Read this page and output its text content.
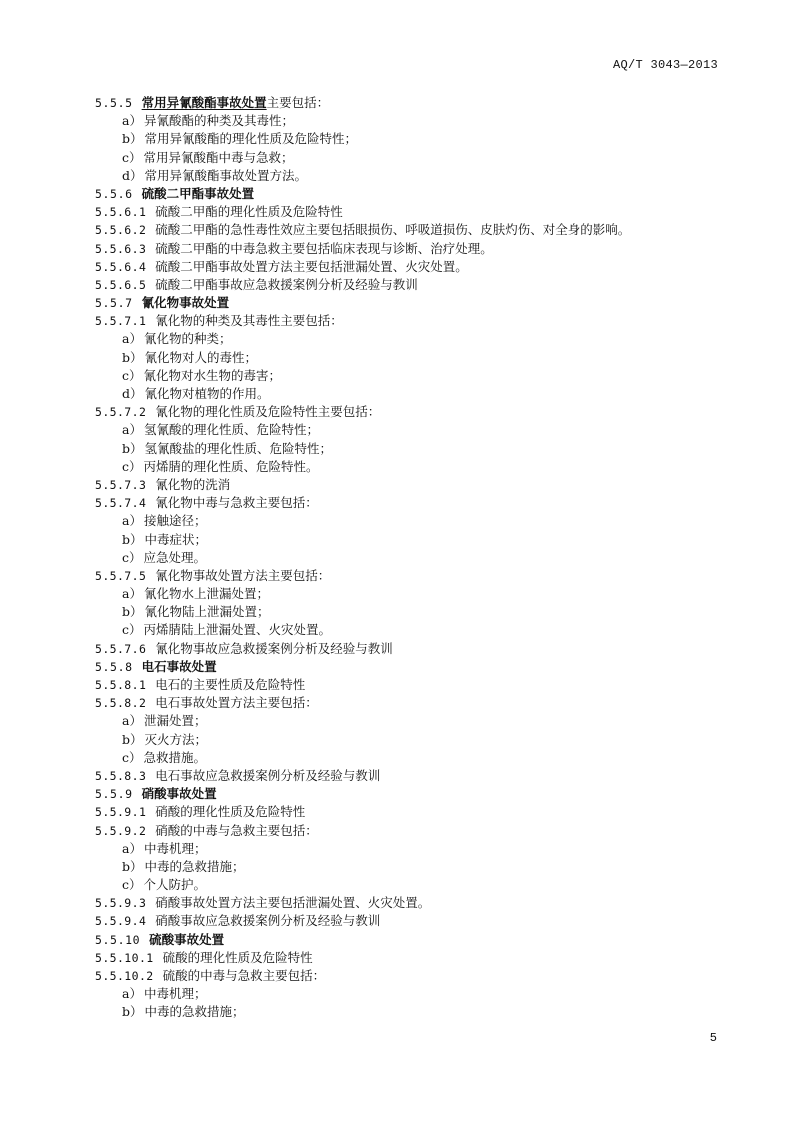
AQ/T 3043—2013
5.5.5 常用异氰酸酯事故处置主要包括：
a） 异氰酸酯的种类及其毒性；
b） 常用异氰酸酯的理化性质及危险特性；
c） 常用异氰酸酯中毒与急救；
d） 常用异氰酸酯事故处置方法。
5.5.6 硫酸二甲酯事故处置
5.5.6.1 硫酸二甲酯的理化性质及危险特性
5.5.6.2 硫酸二甲酯的急性毒性效应主要包括眼损伤、呼吸道损伤、皮肤灼伤、对全身的影响。
5.5.6.3 硫酸二甲酯的中毒急救主要包括临床表现与诊断、治疗处理。
5.5.6.4 硫酸二甲酯事故处置方法主要包括泄漏处置、火灾处置。
5.5.6.5 硫酸二甲酯事故应急救援案例分析及经验与教训
5.5.7 氰化物事故处置
5.5.7.1 氰化物的种类及其毒性主要包括：
a） 氰化物的种类；
b） 氰化物对人的毒性；
c） 氰化物对水生物的毒害；
d） 氰化物对植物的作用。
5.5.7.2 氰化物的理化性质及危险特性主要包括：
a） 氢氰酸的理化性质、危险特性；
b） 氢氰酸盐的理化性质、危险特性；
c） 丙烯腈的理化性质、危险特性。
5.5.7.3 氰化物的洗消
5.5.7.4 氰化物中毒与急救主要包括：
a） 接触途径；
b） 中毒症状；
c） 应急处理。
5.5.7.5 氰化物事故处置方法主要包括：
a） 氰化物水上泄漏处置；
b） 氰化物陆上泄漏处置；
c） 丙烯腈陆上泄漏处置、火灾处置。
5.5.7.6 氰化物事故应急救援案例分析及经验与教训
5.5.8 电石事故处置
5.5.8.1 电石的主要性质及危险特性
5.5.8.2 电石事故处置方法主要包括：
a） 泄漏处置；
b） 灭火方法；
c） 急救措施。
5.5.8.3 电石事故应急救援案例分析及经验与教训
5.5.9 硝酸事故处置
5.5.9.1 硝酸的理化性质及危险特性
5.5.9.2 硝酸的中毒与急救主要包括：
a） 中毒机理；
b） 中毒的急救措施；
c） 个人防护。
5.5.9.3 硝酸事故处置方法主要包括泄漏处置、火灾处置。
5.5.9.4 硝酸事故应急救援案例分析及经验与教训
5.5.10 硫酸事故处置
5.5.10.1 硫酸的理化性质及危险特性
5.5.10.2 硫酸的中毒与急救主要包括：
a） 中毒机理；
b） 中毒的急救措施；
5
